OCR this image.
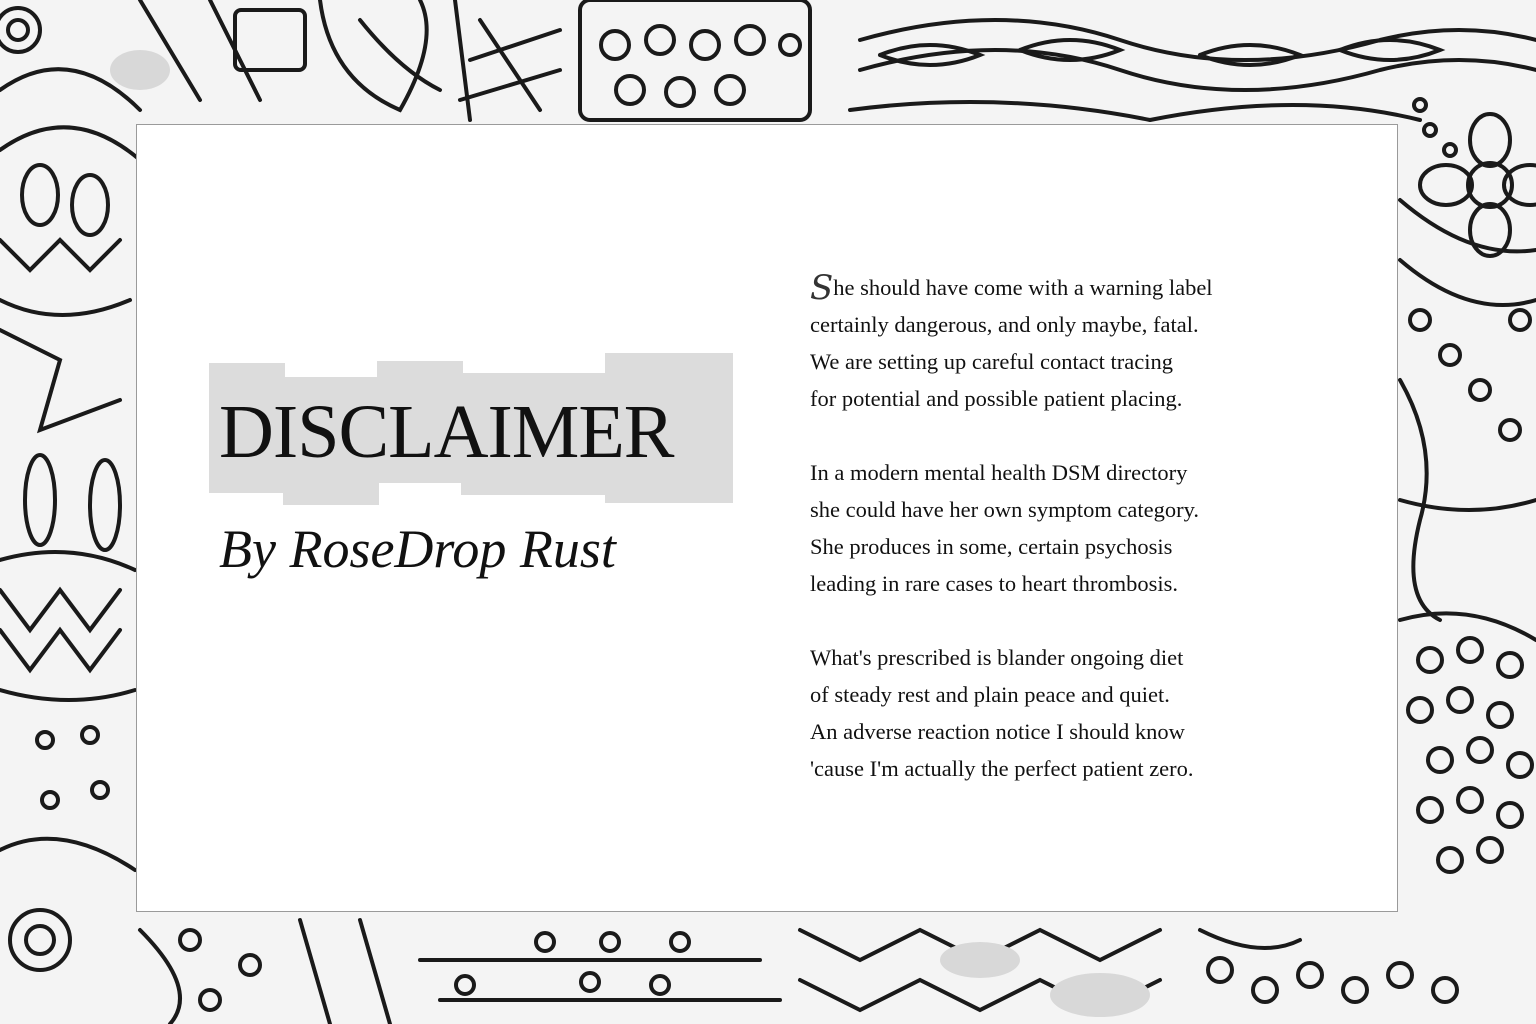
DISCLAIMER

By RoseDrop Rust

She should have come with a warning label
certainly dangerous, and only maybe, fatal.
We are setting up careful contact tracing
for potential and possible patient placing.

In a modern mental health DSM directory
she could have her own symptom category.
She produces in some, certain psychosis
leading in rare cases to heart thrombosis.

What's prescribed is blander ongoing diet
of steady rest and plain peace and quiet.
An adverse reaction notice I should know
'cause I'm actually the perfect patient zero.
